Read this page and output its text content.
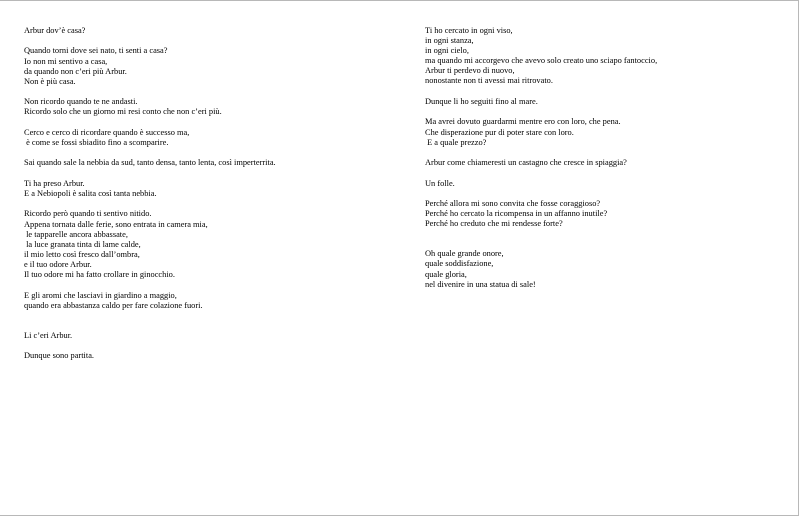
Arbur dov’è casa?
Quando torni dove sei nato, ti senti a casa?
Io non mi sentivo a casa,
da quando non c’eri più Arbur.
Non è più casa.
Non ricordo quando te ne andasti.
Ricordo solo che un giorno mi resi conto che non c’eri più.
Cerco e cerco di ricordare quando è successo ma,
è come se fossi sbiadito fino a scomparire.
Sai quando sale la nebbia da sud, tanto densa, tanto lenta, così imperterrita.
Ti ha preso Arbur.
E a Nebiopoli è salita così tanta nebbia.
Ricordo però quando ti sentivo nitido.
Appena tornata dalle ferie, sono entrata in camera mia,
le tapparelle ancora abbassate,
la luce granata tinta di lame calde,
il mio letto così fresco dall’ombra,
e il tuo odore Arbur.
Il tuo odore mi ha fatto crollare in ginocchio.
E gli aromi che lasciavi in giardino a maggio,
quando era abbastanza caldo per fare colazione fuori.
Li c’eri Arbur.
Dunque sono partita.
Ti ho cercato in ogni viso,
in ogni stanza,
in ogni cielo,
ma quando mi accorgevo che avevo solo creato uno sciapo fantoccio,
Arbur ti perdevo di nuovo,
nonostante non ti avessi mai ritrovato.
Dunque li ho seguiti fino al mare.
Ma avrei dovuto guardarmi mentre ero con loro, che pena.
Che disperazione pur di poter stare con loro.
E a quale prezzo?
Arbur come chiameresti un castagno che cresce in spiaggia?
Un folle.
Perché allora mi sono convita che fosse coraggioso?
Perché ho cercato la ricompensa in un affanno inutile?
Perché ho creduto che mi rendesse forte?
Oh quale grande onore,
quale soddisfazione,
quale gloria,
nel divenire in una statua di sale!
